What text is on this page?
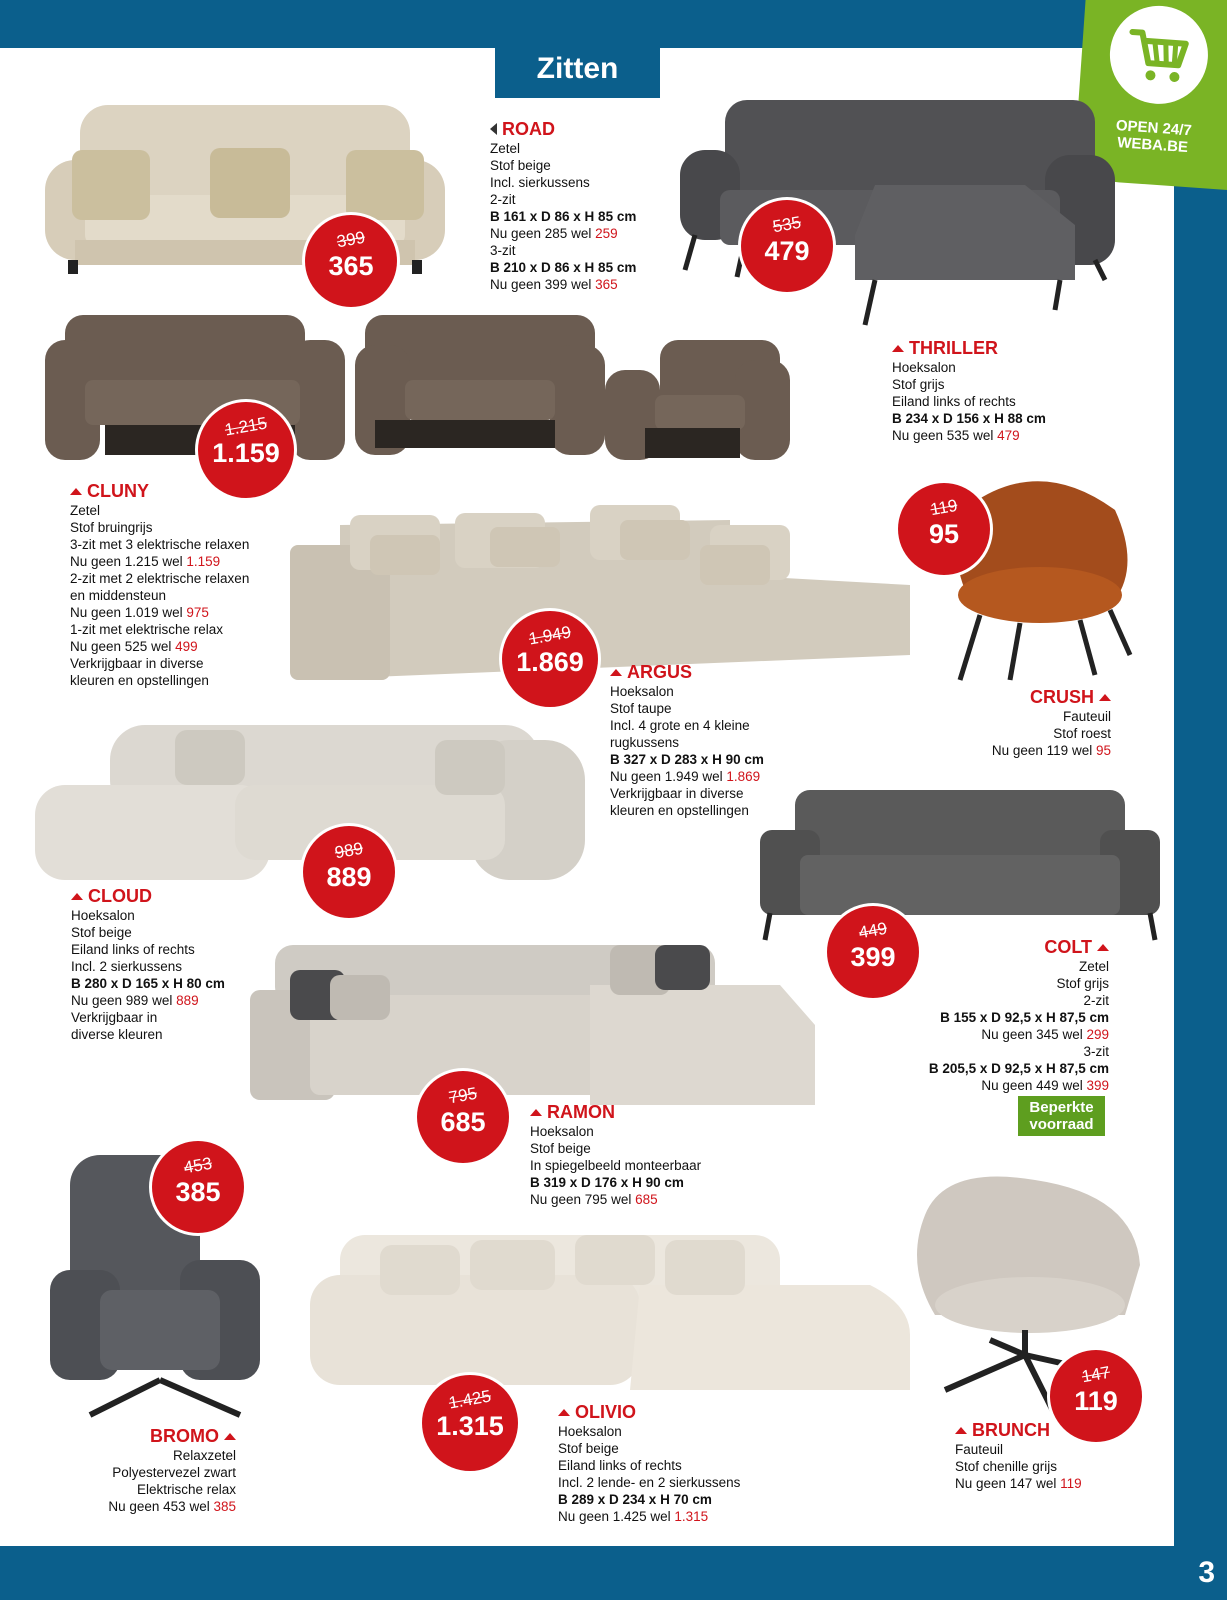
3
Zitten
OPEN 24/7
WEBA.BE
ROAD
Zetel
Stof beige
Incl. sierkussens
2-zit
B 161 x D 86 x H 85 cm
Nu geen 285 wel 259
3-zit
B 210 x D 86 x H 85 cm
Nu geen 399 wel 365
399
365
THRILLER
Hoeksalon
Stof grijs
Eiland links of rechts
B 234 x D 156 x H 88 cm
Nu geen 535 wel 479
535
479
CLUNY
Zetel
Stof bruingrijs
3-zit met 3 elektrische relaxen
Nu geen 1.215 wel 1.159
2-zit met 2 elektrische relaxen
en middensteun
Nu geen 1.019 wel 975
1-zit met elektrische relax
Nu geen 525 wel 499
Verkrijgbaar in diverse
kleuren en opstellingen
1.215
1.159
CRUSH
Fauteuil
Stof roest
Nu geen 119 wel 95
119
95
ARGUS
Hoeksalon
Stof taupe
Incl. 4 grote en 4 kleine
rugkussens
B 327 x D 283 x H 90 cm
Nu geen 1.949 wel 1.869
Verkrijgbaar in diverse
kleuren en opstellingen
1.949
1.869
CLOUD
Hoeksalon
Stof beige
Eiland links of rechts
Incl. 2 sierkussens
B 280 x D 165 x H 80 cm
Nu geen 989 wel 889
Verkrijgbaar in
diverse kleuren
989
889
COLT
Zetel
Stof grijs
2-zit
B 155 x D 92,5 x H 87,5 cm
Nu geen 345 wel 299
3-zit
B 205,5 x D 92,5 x H 87,5 cm
Nu geen 449 wel 399
449
399
Beperkte
voorraad
RAMON
Hoeksalon
Stof beige
In spiegelbeeld monteerbaar
B 319 x D 176 x H 90 cm
Nu geen 795 wel 685
795
685
BROMO
Relaxzetel
Polyestervezel zwart
Elektrische relax
Nu geen 453 wel 385
453
385
OLIVIO
Hoeksalon
Stof beige
Eiland links of rechts
Incl. 2 lende- en 2 sierkussens
B 289 x D 234 x H 70 cm
Nu geen 1.425 wel 1.315
1.425
1.315	BRUNCH
Fauteuil
Stof chenille grijs
Nu geen 147 wel 119
147
119
